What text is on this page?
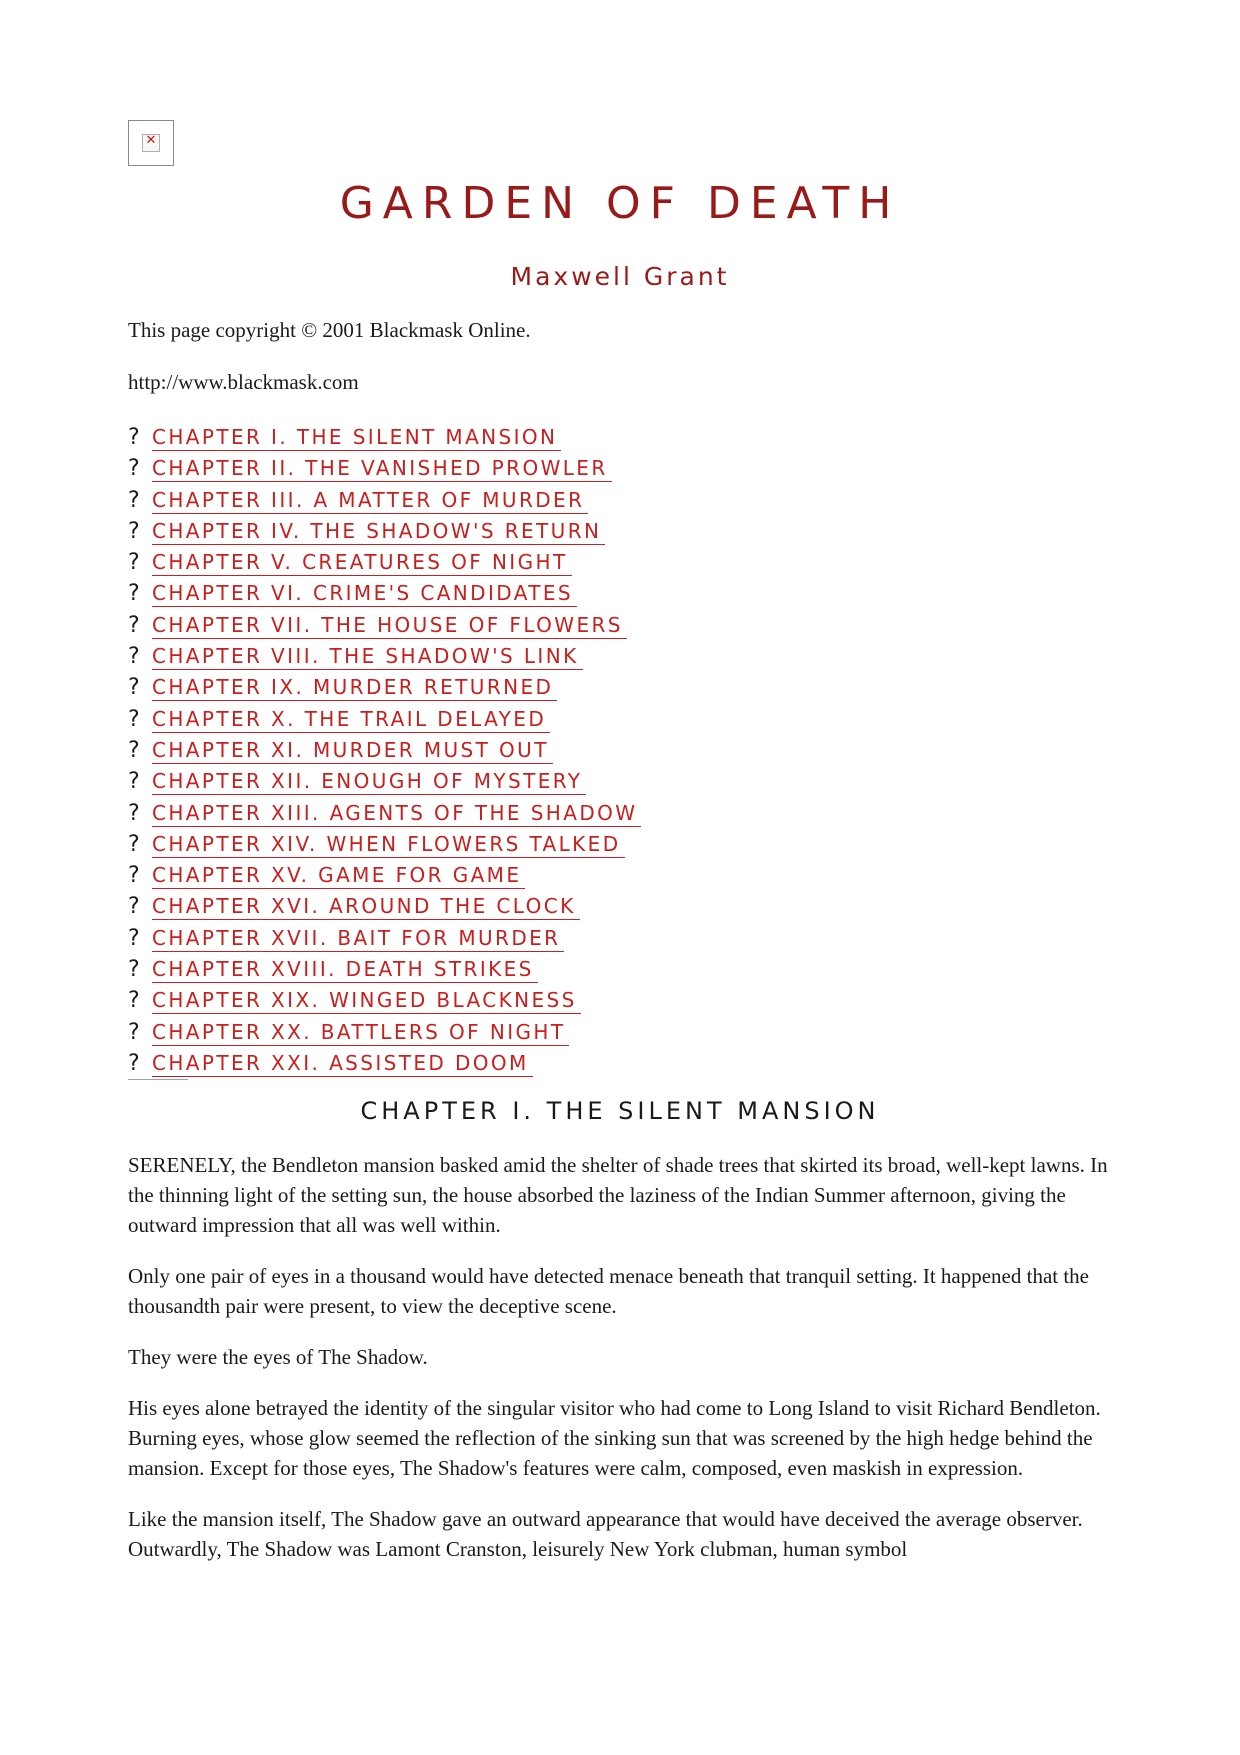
✕
GARDEN OF DEATH
Maxwell Grant
This page copyright © 2001 Blackmask Online.
http://www.blackmask.com
? CHAPTER I. THE SILENT MANSION
? CHAPTER II. THE VANISHED PROWLER
? CHAPTER III. A MATTER OF MURDER
? CHAPTER IV. THE SHADOW'S RETURN
? CHAPTER V. CREATURES OF NIGHT
? CHAPTER VI. CRIME'S CANDIDATES
? CHAPTER VII. THE HOUSE OF FLOWERS
? CHAPTER VIII. THE SHADOW'S LINK
? CHAPTER IX. MURDER RETURNED
? CHAPTER X. THE TRAIL DELAYED
? CHAPTER XI. MURDER MUST OUT
? CHAPTER XII. ENOUGH OF MYSTERY
? CHAPTER XIII. AGENTS OF THE SHADOW
? CHAPTER XIV. WHEN FLOWERS TALKED
? CHAPTER XV. GAME FOR GAME
? CHAPTER XVI. AROUND THE CLOCK
? CHAPTER XVII. BAIT FOR MURDER
? CHAPTER XVIII. DEATH STRIKES
? CHAPTER XIX. WINGED BLACKNESS
? CHAPTER XX. BATTLERS OF NIGHT
? CHAPTER XXI. ASSISTED DOOM
CHAPTER I. THE SILENT MANSION

SERENELY, the Bendleton mansion basked amid the shelter of shade trees that skirted its broad, well-kept lawns. In the thinning light of the setting sun, the house absorbed the laziness of the Indian Summer afternoon, giving the outward impression that all was well within.

Only one pair of eyes in a thousand would have detected menace beneath that tranquil setting. It happened that the thousandth pair were present, to view the deceptive scene.

They were the eyes of The Shadow.

His eyes alone betrayed the identity of the singular visitor who had come to Long Island to visit Richard Bendleton. Burning eyes, whose glow seemed the reflection of the sinking sun that was screened by the high hedge behind the mansion. Except for those eyes, The Shadow's features were calm, composed, even maskish in expression.

Like the mansion itself, The Shadow gave an outward appearance that would have deceived the average observer. Outwardly, The Shadow was Lamont Cranston, leisurely New York clubman, human symbol
